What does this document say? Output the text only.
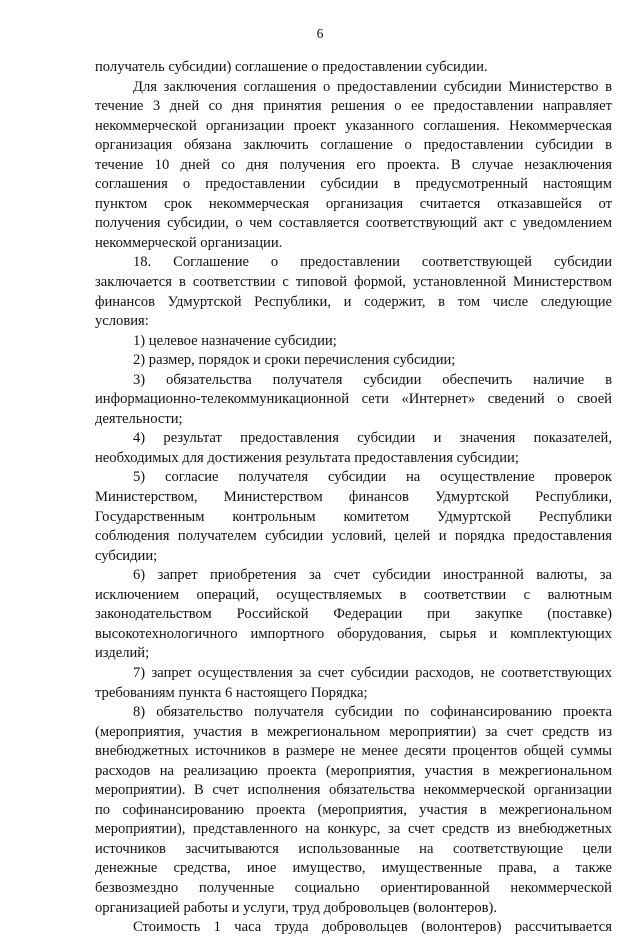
6
получатель субсидии) соглашение о предоставлении субсидии.
Для заключения соглашения о предоставлении субсидии Министерство в
течение 3 дней со дня принятия решения о ее предоставлении направляет
некоммерческой организации проект указанного соглашения. Некоммерческая
организация обязана заключить соглашение о предоставлении субсидии в
течение 10 дней со дня получения его проекта. В случае незаключения
соглашения о предоставлении субсидии в предусмотренный настоящим
пунктом срок некоммерческая организация считается отказавшейся от
получения субсидии, о чем составляется соответствующий акт с уведомлением
некоммерческой организации.
18. Соглашение о предоставлении соответствующей субсидии
заключается в соответствии с типовой формой, установленной Министерством
финансов Удмуртской Республики, и содержит, в том числе следующие
условия:
1) целевое назначение субсидии;
2) размер, порядок и сроки перечисления субсидии;
3) обязательства получателя субсидии обеспечить наличие в
информационно-телекоммуникационной сети «Интернет» сведений о своей
деятельности;
4) результат предоставления субсидии и значения показателей,
необходимых для достижения результата предоставления субсидии;
5) согласие получателя субсидии на осуществление проверок
Министерством, Министерством финансов Удмуртской Республики,
Государственным контрольным комитетом Удмуртской Республики
соблюдения получателем субсидии условий, целей и порядка предоставления
субсидии;
6) запрет приобретения за счет субсидии иностранной валюты, за
исключением операций, осуществляемых в соответствии с валютным
законодательством Российской Федерации при закупке (поставке)
высокотехнологичного импортного оборудования, сырья и комплектующих
изделий;
7) запрет осуществления за счет субсидии расходов, не соответствующих
требованиям пункта 6 настоящего Порядка;
8) обязательство получателя субсидии по софинансированию проекта
(мероприятия, участия в межрегиональном мероприятии) за счет средств из
внебюджетных источников в размере не менее десяти процентов общей суммы
расходов на реализацию проекта (мероприятия, участия в межрегиональном
мероприятии). В счет исполнения обязательства некоммерческой организации
по софинансированию проекта (мероприятия, участия в межрегиональном
мероприятии), представленного на конкурс, за счет средств из внебюджетных
источников засчитываются использованные на соответствующие цели
денежные средства, иное имущество, имущественные права, а также
безвозмездно полученные социально ориентированной некоммерческой
организацией работы и услуги, труд добровольцев (волонтеров).
Стоимость 1 часа труда добровольцев (волонтеров) рассчитывается
